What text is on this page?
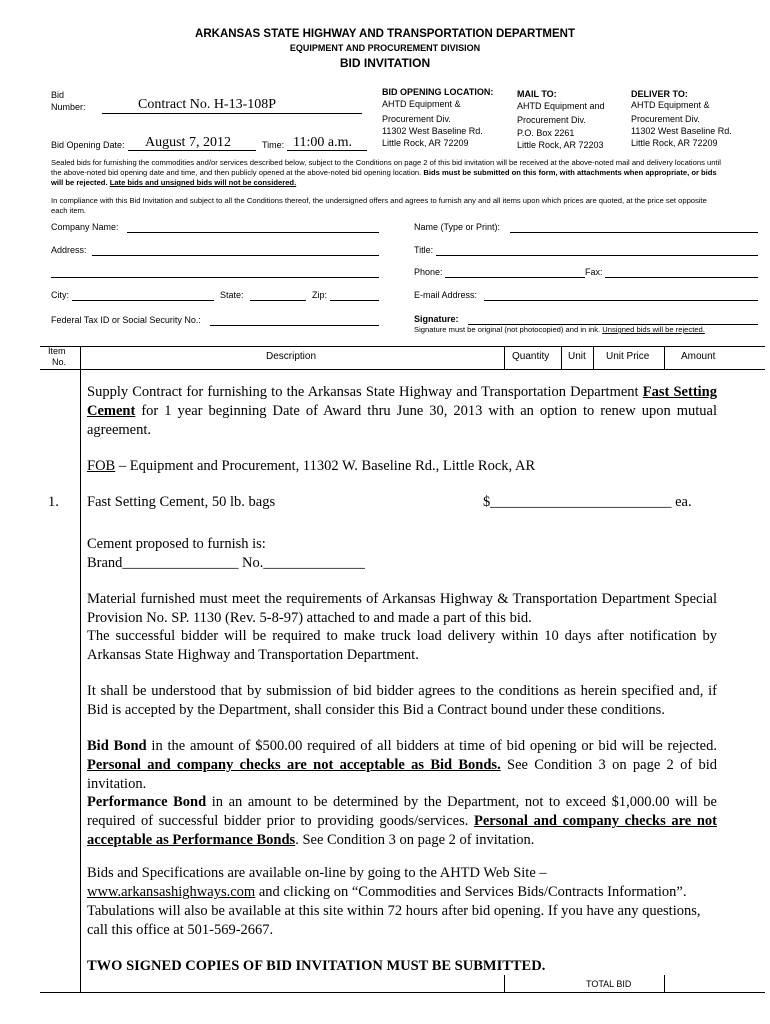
ARKANSAS STATE HIGHWAY AND TRANSPORTATION DEPARTMENT
EQUIPMENT AND PROCUREMENT DIVISION
BID INVITATION
Bid
Number:	Contract No. H-13-108P
Bid Opening Date: August 7, 2012	Time: 11:00 a.m.
BID OPENING LOCATION:
AHTD Equipment &
Procurement Div.
11302 West Baseline Rd.
Little Rock, AR 72209
MAIL TO:
AHTD Equipment and
Procurement Div.
P.O. Box 2261
Little Rock, AR 72203
DELIVER TO:
AHTD Equipment &
Procurement Div.
11302 West Baseline Rd.
Little Rock, AR 72209
Sealed bids for furnishing the commodities and/or services described below, subject to the Conditions on page 2 of this bid invitation will be received at the above-noted mail and delivery locations until the above-noted bid opening date and time, and then publicly opened at the above-noted bid opening location. Bids must be submitted on this form, with attachments when appropriate, or bids will be rejected. Late bids and unsigned bids will not be considered.
In compliance with this Bid Invitation and subject to all the Conditions thereof, the undersigned offers and agrees to furnish any and all items upon which prices are quoted, at the price set opposite each item.
Company Name:
Address:
City:	State:	Zip:
Federal Tax ID or Social Security No.:
Name (Type or Print):
Title:
Phone:	Fax:
E-mail Address:
Signature:
Signature must be original (not photocopied) and in ink. Unsigned bids will be rejected.
Item
No.	Description	Quantity Unit Unit Price	Amount
Supply Contract for furnishing to the Arkansas State Highway and Transportation Department Fast Setting Cement for 1 year beginning Date of Award thru June 30, 2013 with an option to renew upon mutual agreement.
FOB – Equipment and Procurement, 11302 W. Baseline Rd., Little Rock, AR
1. Fast Setting Cement, 50 lb. bags	$_________________________ ea.
Cement proposed to furnish is:
Brand________________ No.______________
Material furnished must meet the requirements of Arkansas Highway & Transportation Department Special Provision No. SP. 1130 (Rev. 5-8-97) attached to and made a part of this bid.
The successful bidder will be required to make truck load delivery within 10 days after notification by Arkansas State Highway and Transportation Department.
It shall be understood that by submission of bid bidder agrees to the conditions as herein specified and, if Bid is accepted by the Department, shall consider this Bid a Contract bound under these conditions.
Bid Bond in the amount of $500.00 required of all bidders at time of bid opening or bid will be rejected. Personal and company checks are not acceptable as Bid Bonds. See Condition 3 on page 2 of bid invitation.
Performance Bond in an amount to be determined by the Department, not to exceed $1,000.00 will be required of successful bidder prior to providing goods/services. Personal and company checks are not acceptable as Performance Bonds. See Condition 3 on page 2 of invitation.
Bids and Specifications are available on-line by going to the AHTD Web Site –
www.arkansashighways.com and clicking on “Commodities and Services Bids/Contracts Information”.
Tabulations will also be available at this site within 72 hours after bid opening. If you have any questions, call this office at 501-569-2667.
TWO SIGNED COPIES OF BID INVITATION MUST BE SUBMITTED.
TOTAL BID
